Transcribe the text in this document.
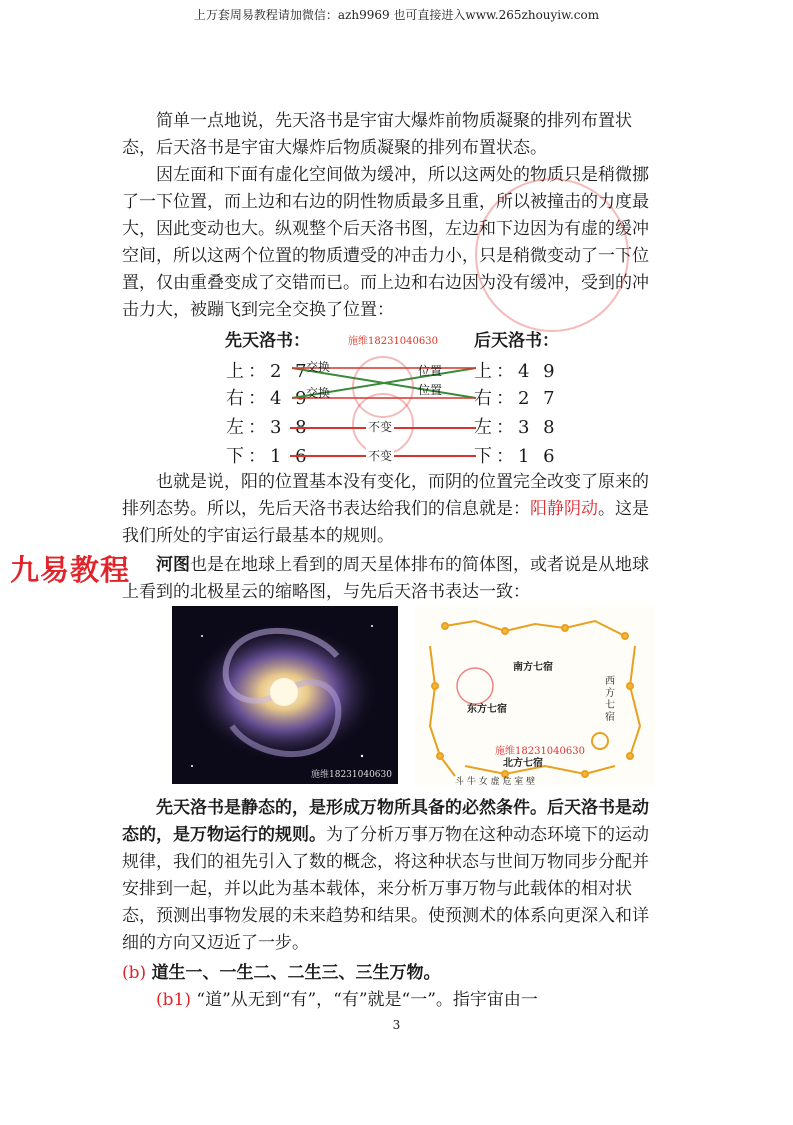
上万套周易教程请加微信：azh9969 也可直接进入www.265zhouyiw.com

简单一点地说，先天洛书是宇宙大爆炸前物质凝聚的排列布置状态，后天洛书是宇宙大爆炸后物质凝聚的排列布置状态。

因左面和下面有虚化空间做为缓冲，所以这两处的物质只是稍微挪了一下位置，而上边和右边的阴性物质最多且重，所以被撞击的力度最大，因此变动也大。纵观整个后天洛书图，左边和下边因为有虚的缓冲空间，所以这两个位置的物质遭受的冲击力小，只是稍微变动了一下位置，仅由重叠变成了交错而已。而上边和右边因为没有缓冲，受到的冲击力大，被蹦飞到完全交换了位置：

先天洛书：	后天洛书：
施维18231040630
上：2 7	上：4 9
右：4 9	右：2 7
左：3 8	左：3 8
下：1 6	下：1 6
交换	位置
交换	位置
不变
不变

也就是说，阳的位置基本没有变化，而阴的位置完全改变了原来的排列态势。所以，先后天洛书表达给我们的信息就是：阳静阴动。这是我们所处的宇宙运行最基本的规则。

九易教程	河图也是在地球上看到的周天星体排布的简体图，或者说是从地球上看到的北极星云的缩略图，与先后天洛书表达一致：

施维18231040630
南方七宿
东方七宿
西方七宿
施维18231040630
北方七宿
斗 牛 女 虚 危 室 壁

先天洛书是静态的，是形成万物所具备的必然条件。后天洛书是动态的，是万物运行的规则。为了分析万事万物在这种动态环境下的运动规律，我们的祖先引入了数的概念，将这种状态与世间万物同步分配并安排到一起，并以此为基本载体，来分析万事万物与此载体的相对状态，预测出事物发展的未来趋势和结果。使预测术的体系向更深入和详细的方向又迈近了一步。

(b) 道生一、一生二、二生三、三生万物。

(b1) “道”从无到“有”，“有”就是“一”。指宇宙由一

3
